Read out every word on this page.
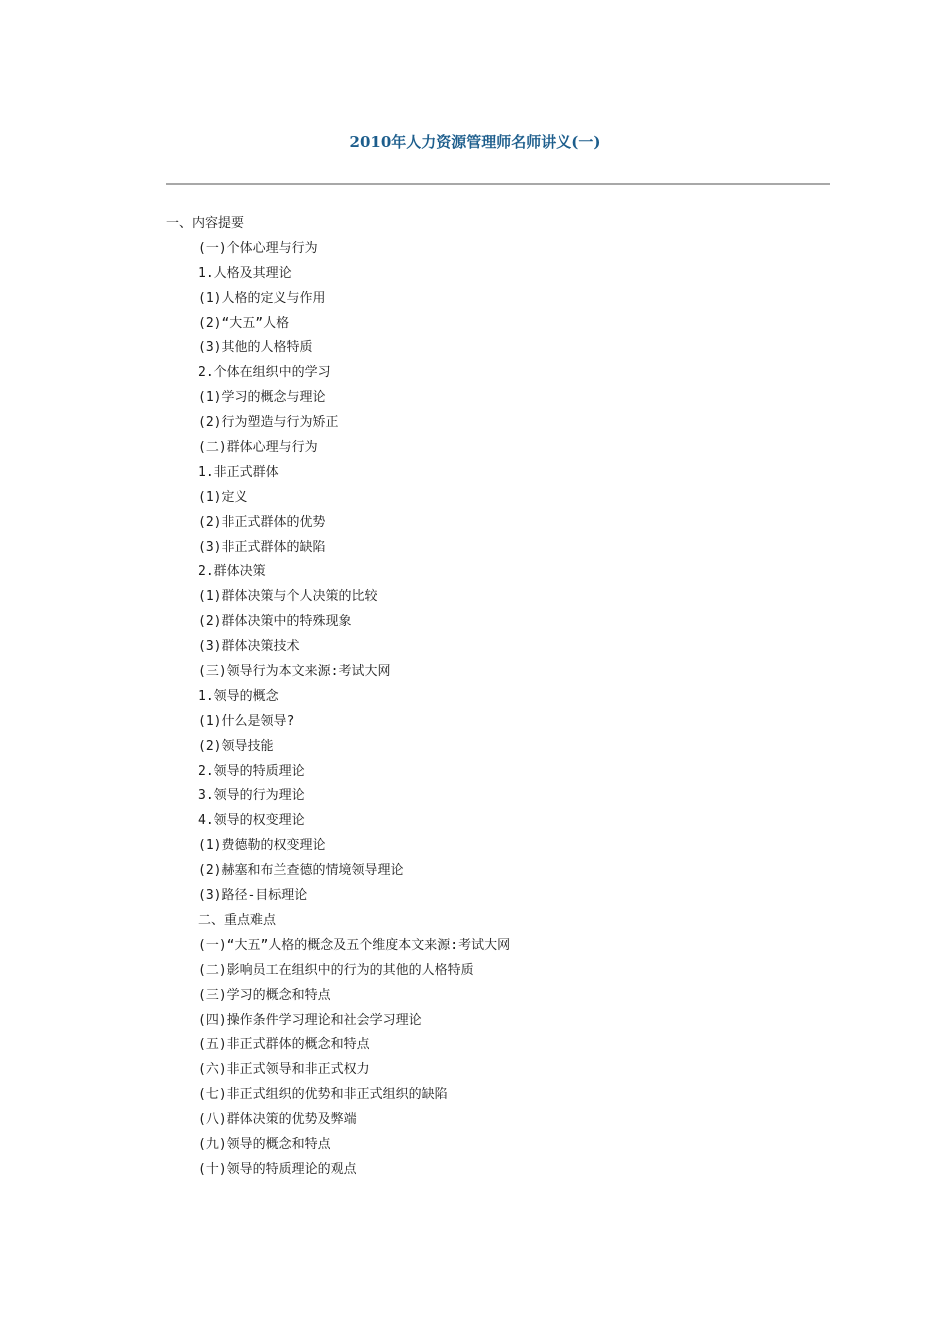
2010年人力资源管理师名师讲义(一)
一、内容提要
(一)个体心理与行为
1.人格及其理论
(1)人格的定义与作用
(2)“大五”人格
(3)其他的人格特质
2.个体在组织中的学习
(1)学习的概念与理论
(2)行为塑造与行为矫正
(二)群体心理与行为
1.非正式群体
(1)定义
(2)非正式群体的优势
(3)非正式群体的缺陷
2.群体决策
(1)群体决策与个人决策的比较
(2)群体决策中的特殊现象
(3)群体决策技术
(三)领导行为本文来源:考试大网
1.领导的概念
(1)什么是领导?
(2)领导技能
2.领导的特质理论
3.领导的行为理论
4.领导的权变理论
(1)费德勒的权变理论
(2)赫塞和布兰查德的情境领导理论
(3)路径-目标理论
二、重点难点
(一)“大五”人格的概念及五个维度本文来源:考试大网
(二)影响员工在组织中的行为的其他的人格特质
(三)学习的概念和特点
(四)操作条件学习理论和社会学习理论
(五)非正式群体的概念和特点
(六)非正式领导和非正式权力
(七)非正式组织的优势和非正式组织的缺陷
(八)群体决策的优势及弊端
(九)领导的概念和特点
(十)领导的特质理论的观点
